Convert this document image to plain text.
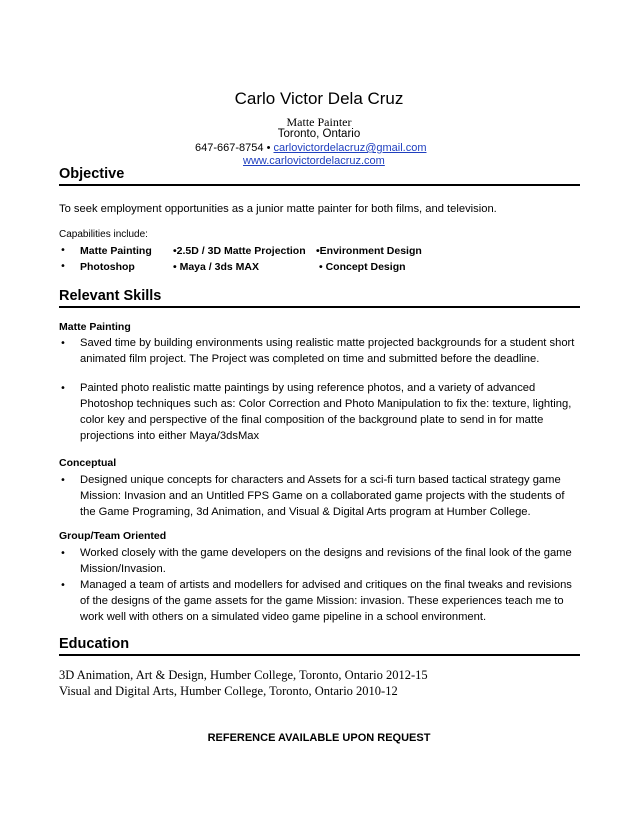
Carlo Victor Dela Cruz
Matte Painter
Toronto, Ontario
647-667-8754 • carlovictordelacruz@gmail.com
www.carlovictordelacruz.com
Objective
To seek employment opportunities as a junior matte painter for both films, and television.
Capabilities include:
• Matte Painting •2.5D / 3D Matte Projection •Environment Design
• Photoshop	• Maya / 3ds MAX	• Concept Design
Relevant Skills
Matte Painting
• Saved time by building environments using realistic matte projected backgrounds for a student short animated film project. The Project was completed on time and submitted before the deadline.
• Painted photo realistic matte paintings by using reference photos, and a variety of advanced Photoshop techniques such as: Color Correction and Photo Manipulation to fix the: texture, lighting, color key and perspective of the final composition of the background plate to send in for matte projections into either Maya/3dsMax
Conceptual
• Designed unique concepts for characters and Assets for a sci-fi turn based tactical strategy game Mission: Invasion and an Untitled FPS Game on a collaborated game projects with the students of the Game Programing, 3d Animation, and Visual & Digital Arts program at Humber College.
Group/Team Oriented
• Worked closely with the game developers on the designs and revisions of the final look of the game Mission/Invasion.
• Managed a team of artists and modellers for advised and critiques on the final tweaks and revisions of the designs of the game assets for the game Mission: invasion. These experiences teach me to work well with others on a simulated video game pipeline in a school environment.
Education
3D Animation, Art & Design, Humber College, Toronto, Ontario 2012-15
Visual and Digital Arts, Humber College, Toronto, Ontario 2010-12
REFERENCE AVAILABLE UPON REQUEST
